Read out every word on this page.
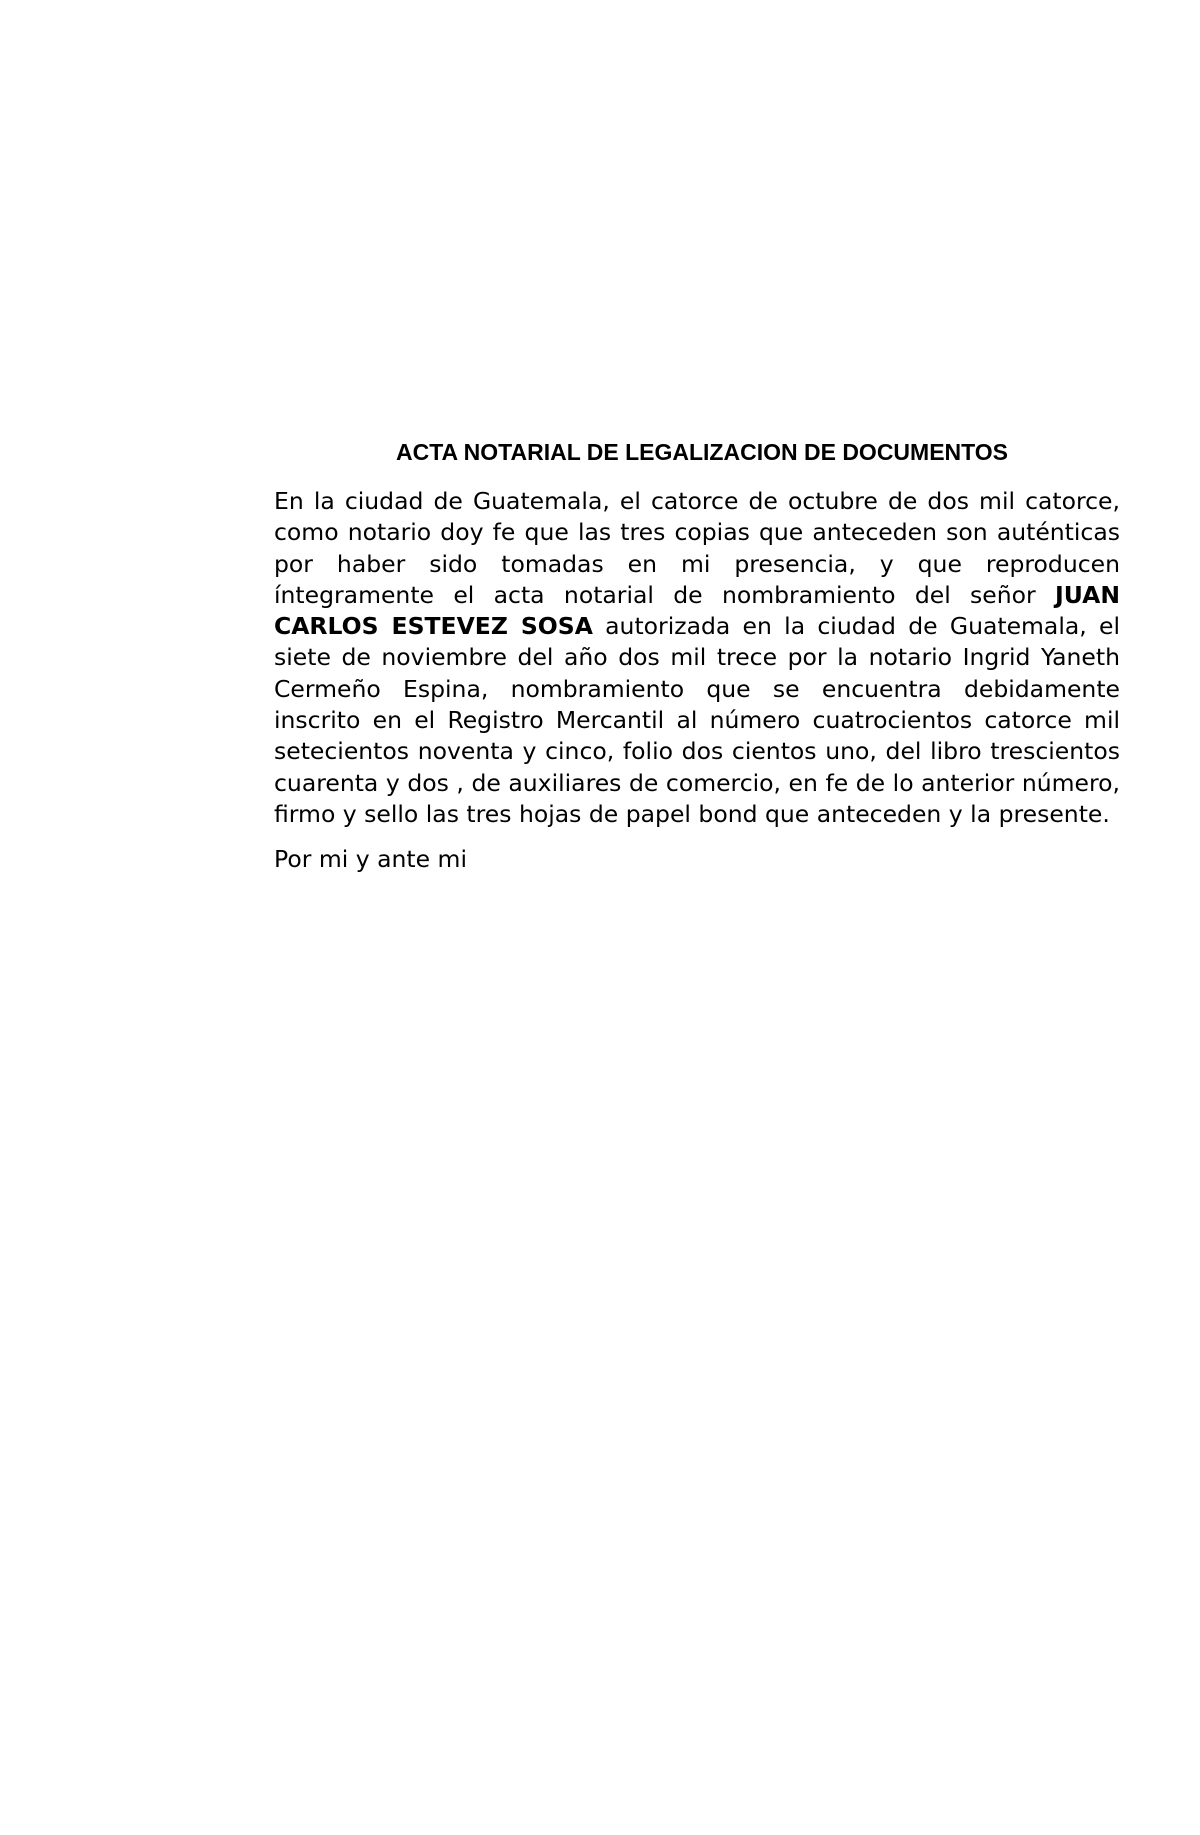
ACTA NOTARIAL DE LEGALIZACION DE DOCUMENTOS

En la ciudad de Guatemala, el catorce de octubre de dos mil catorce, como notario doy fe que las tres copias que anteceden son auténticas por haber sido tomadas en mi presencia, y que reproducen íntegramente el acta notarial de nombramiento del señor JUAN CARLOS ESTEVEZ SOSA autorizada en la ciudad de Guatemala, el siete de noviembre del año dos mil trece por la notario Ingrid Yaneth Cermeño Espina, nombramiento que se encuentra debidamente inscrito en el Registro Mercantil al número cuatrocientos catorce mil setecientos noventa y cinco, folio dos cientos uno, del libro trescientos cuarenta y dos , de auxiliares de comercio, en fe de lo anterior número, firmo y sello las tres hojas de papel bond que anteceden y la presente.

Por mi y ante mi
